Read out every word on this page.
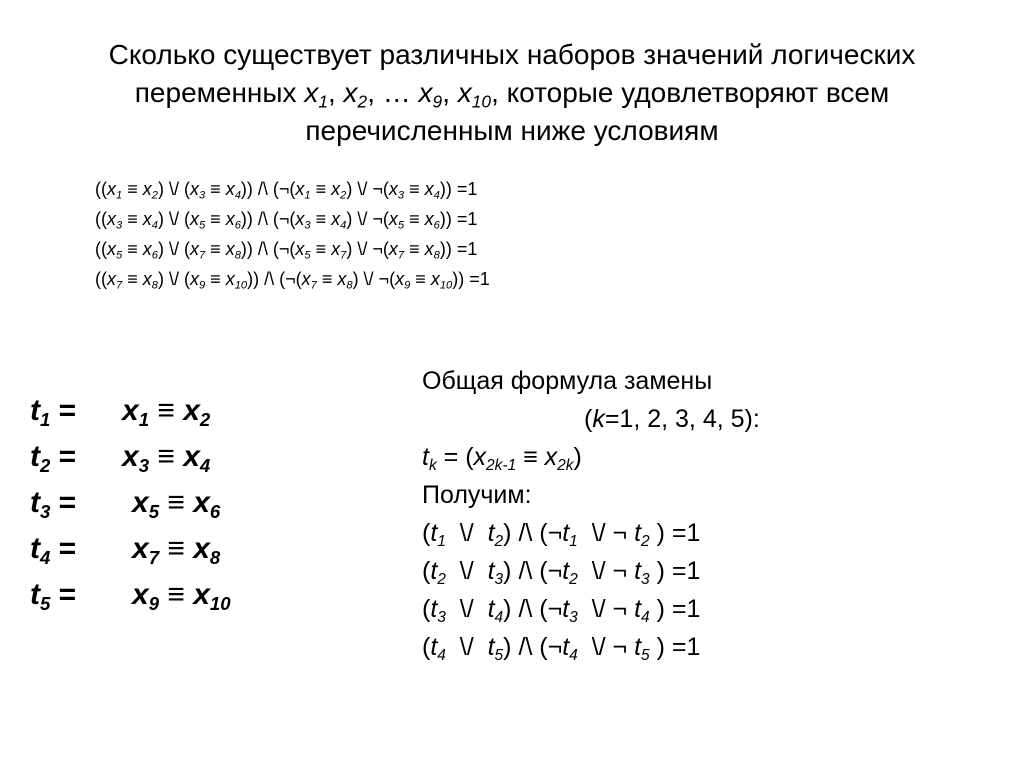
Сколько существует различных наборов значений логических
переменных $x_1$, $x_2$, … $x_9$, $x_{10}$, которые удовлетворяют всем
перечисленным ниже условиям
($(x_1 \equiv x_2)$ \/ $(x_3 \equiv x_4)$) /\ ($\neg(x_1 \equiv x_2)$ \/ $\neg(x_3 \equiv x_4)) =1$
($(x_3 \equiv x_4)$ \/ $(x_5 \equiv x_6)$) /\ ($\neg(x_3 \equiv x_4)$ \/ $\neg(x_5 \equiv x_6)) =1$
($(x_5 \equiv x_6)$ \/ $(x_7 \equiv x_8)$) /\ ($\neg(x_5 \equiv x_7)$ \/ $\neg(x_7 \equiv x_8)) =1$
($(x_7 \equiv x_8)$ \/ $(x_9 \equiv x_{10})$) /\ ($\neg(x_7 \equiv x_8)$ \/ $\neg(x_9 \equiv x_{10})) =1$
$t_1$ =	$x_1 \equiv x_2$
$t_2$ =	$x_3 \equiv x_4$
$t_3$ =	$x_5 \equiv x_6$
$t_4$ =	$x_7 \equiv x_8$
$t_5$ =	$x_9 \equiv x_{10}$
Общая формула замены
(k=1, 2, 3, 4, 5):
$t_k = (x_{2k-1} \equiv x_{2k})$
Получим:
($t_1$  \/  $t_2$) /\ ($\neg t_1$  \/ ¬ $t_2$ ) =1
($t_2$  \/  $t_3$) /\ ($\neg t_2$  \/ ¬ $t_3$ ) =1
($t_3$  \/  $t_4$) /\ ($\neg t_3$  \/ ¬ $t_4$ ) =1
($t_4$  \/  $t_5$) /\ ($\neg t_4$  \/ ¬ $t_5$ ) =1
